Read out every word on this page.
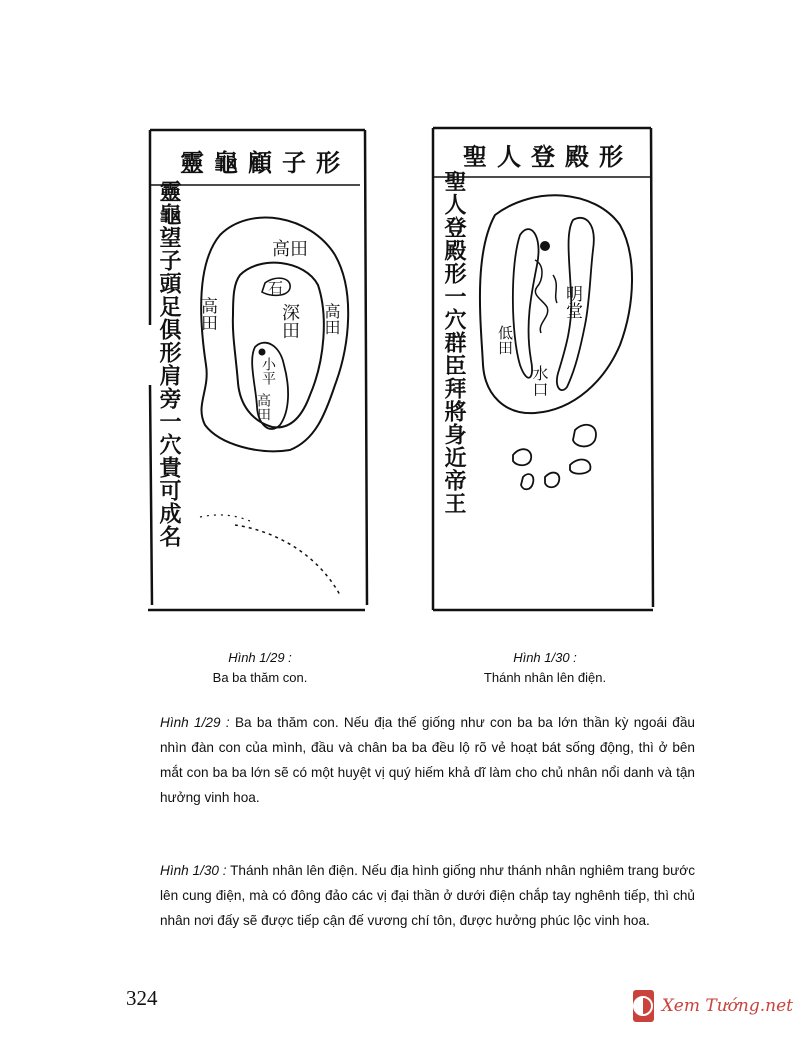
靈龜顧子形
靈龜望子頭足俱形肩旁一穴貴可成名	高田
石
深田
高田	高田
小平
高田
聖人登殿形
聖人登殿形一穴群臣拜將身近帝王	明堂
低田
水口
Hình 1/29 :
Ba ba thăm con.
Hình 1/30 :
Thánh nhân lên điện.
Hình 1/29 : Ba ba thăm con. Nếu địa thế giống như con ba ba lớn thần kỳ ngoái đầu nhìn đàn con của mình, đầu và chân ba ba đều lộ rõ vẻ hoạt bát sống động, thì ở bên mắt con ba ba lớn sẽ có một huyệt vị quý hiếm khả dĩ làm cho chủ nhân nổi danh và tận hưởng vinh hoa.
Hình 1/30 : Thánh nhân lên điện. Nếu địa hình giống như thánh nhân nghiêm trang bước lên cung điện, mà có đông đảo các vị đại thần ở dưới điện chắp tay nghênh tiếp, thì chủ nhân nơi đấy sẽ được tiếp cận đế vương chí tôn, được hưởng phúc lộc vinh hoa.
324	Xem Tướng.net
